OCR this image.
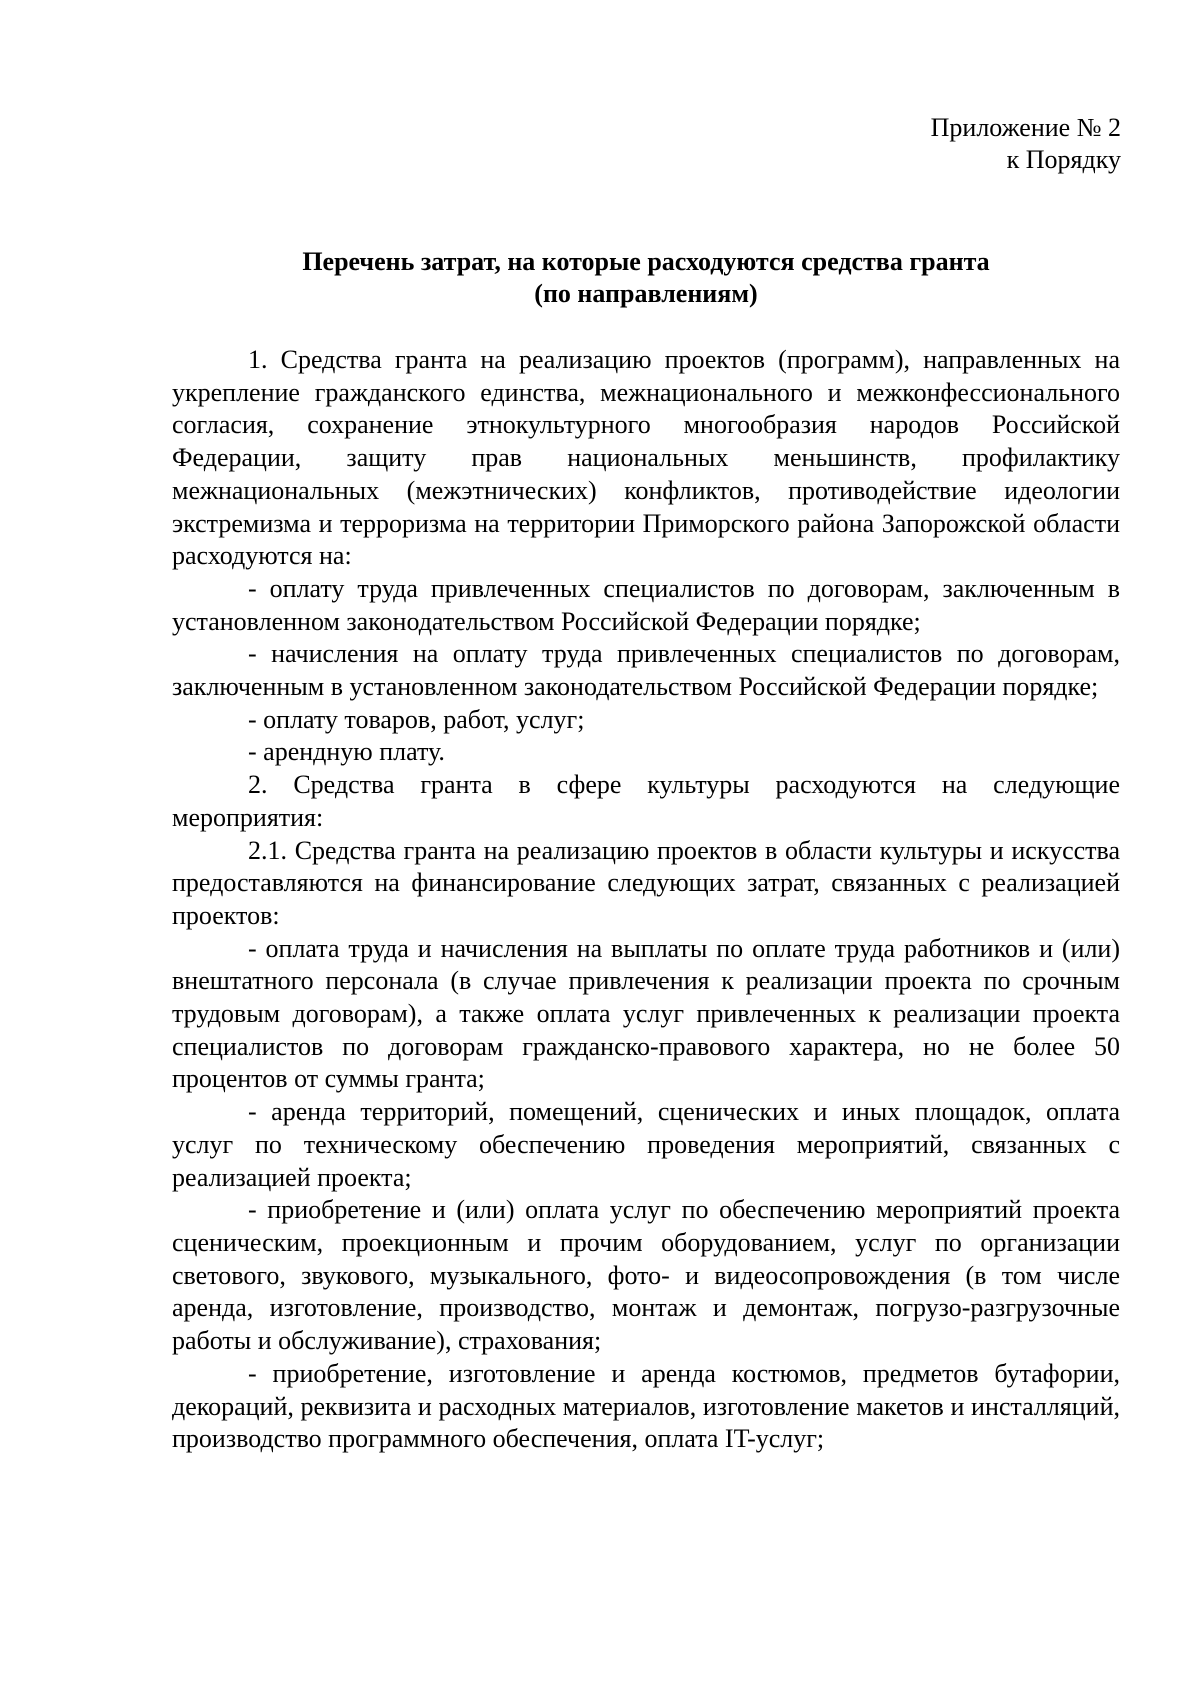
Приложение № 2
к Порядку
Перечень затрат, на которые расходуются средства гранта
(по направлениям)

1. Средства гранта на реализацию проектов (программ), направленных на укрепление гражданского единства, межнационального и межконфессионального согласия, сохранение этнокультурного многообразия народов Российской Федерации, защиту прав национальных меньшинств, профилактику межнациональных (межэтнических) конфликтов, противодействие идеологии экстремизма и терроризма на территории Приморского района Запорожской области расходуются на:

- оплату труда привлеченных специалистов по договорам, заключенным в установленном законодательством Российской Федерации порядке;

- начисления на оплату труда привлеченных специалистов по договорам, заключенным в установленном законодательством Российской Федерации порядке;

- оплату товаров, работ, услуг;

- арендную плату.

2. Средства гранта в сфере культуры расходуются на следующие мероприятия:

2.1. Средства гранта на реализацию проектов в области культуры и искусства предоставляются на финансирование следующих затрат, связанных с реализацией проектов:

- оплата труда и начисления на выплаты по оплате труда работников и (или) внештатного персонала (в случае привлечения к реализации проекта по срочным трудовым договорам), а также оплата услуг привлеченных к реализации проекта специалистов по договорам гражданско-правового характера, но не более 50 процентов от суммы гранта;

- аренда территорий, помещений, сценических и иных площадок, оплата услуг по техническому обеспечению проведения мероприятий, связанных с реализацией проекта;

- приобретение и (или) оплата услуг по обеспечению мероприятий проекта сценическим, проекционным и прочим оборудованием, услуг по организации светового, звукового, музыкального, фото- и видеосопровождения (в том числе аренда, изготовление, производство, монтаж и демонтаж, погрузо-разгрузочные работы и обслуживание), страхования;

- приобретение, изготовление и аренда костюмов, предметов бутафории, декораций, реквизита и расходных материалов, изготовление макетов и инсталляций, производство программного обеспечения, оплата IT-услуг;
